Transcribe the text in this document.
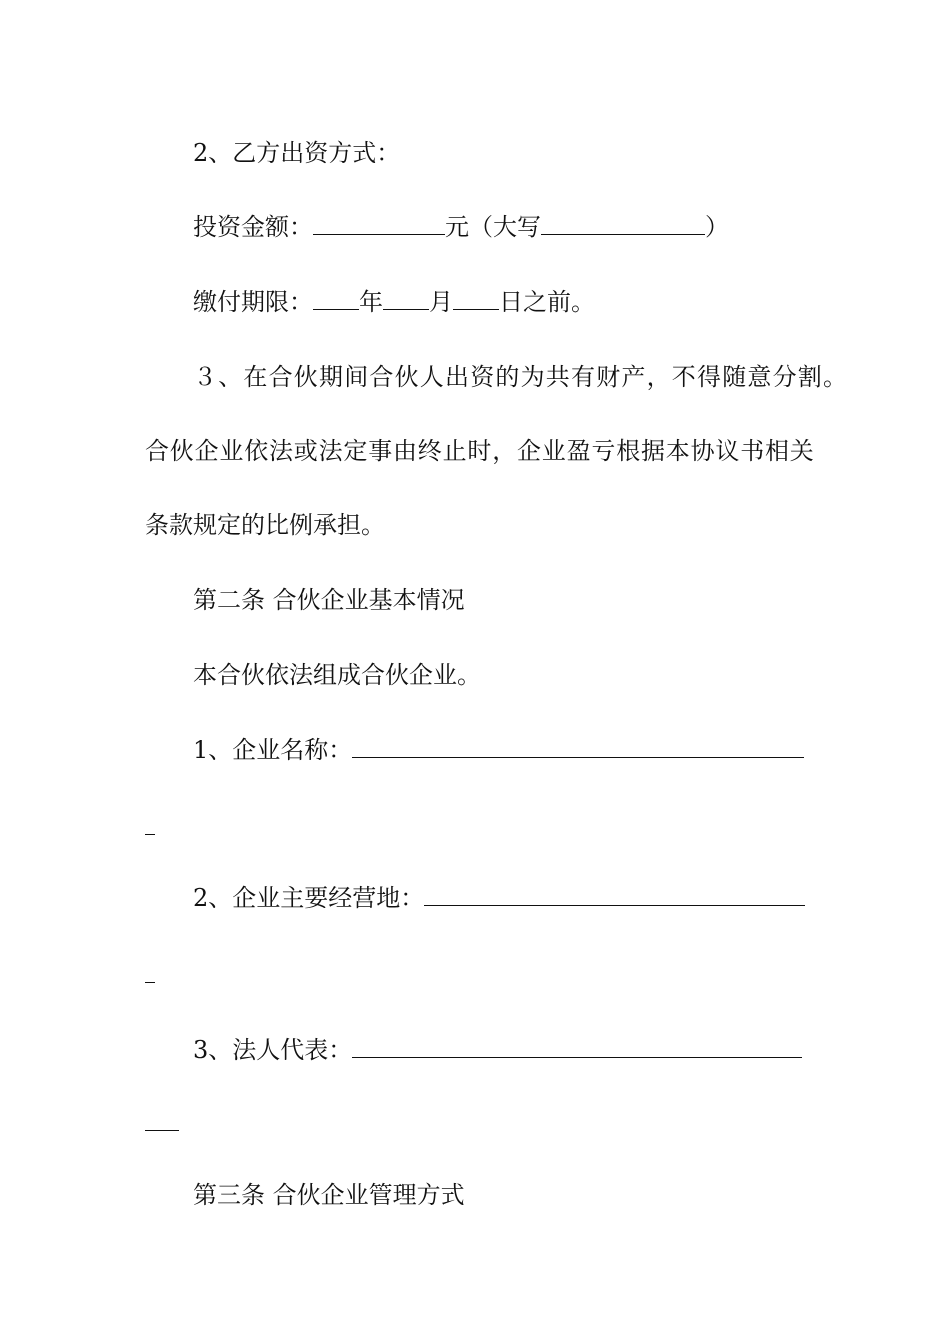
2、乙方出资方式：
投资金额：	元（大写	）
缴付期限： 年 月 日之前。
３、在合伙期间合伙人出资的为共有财产，不得随意分割。
合伙企业依法或法定事由终止时，企业盈亏根据本协议书相关
条款规定的比例承担。
第二条 合伙企业基本情况
本合伙依法组成合伙企业。
1、企业名称：
2、企业主要经营地：
3、法人代表：
第三条 合伙企业管理方式
